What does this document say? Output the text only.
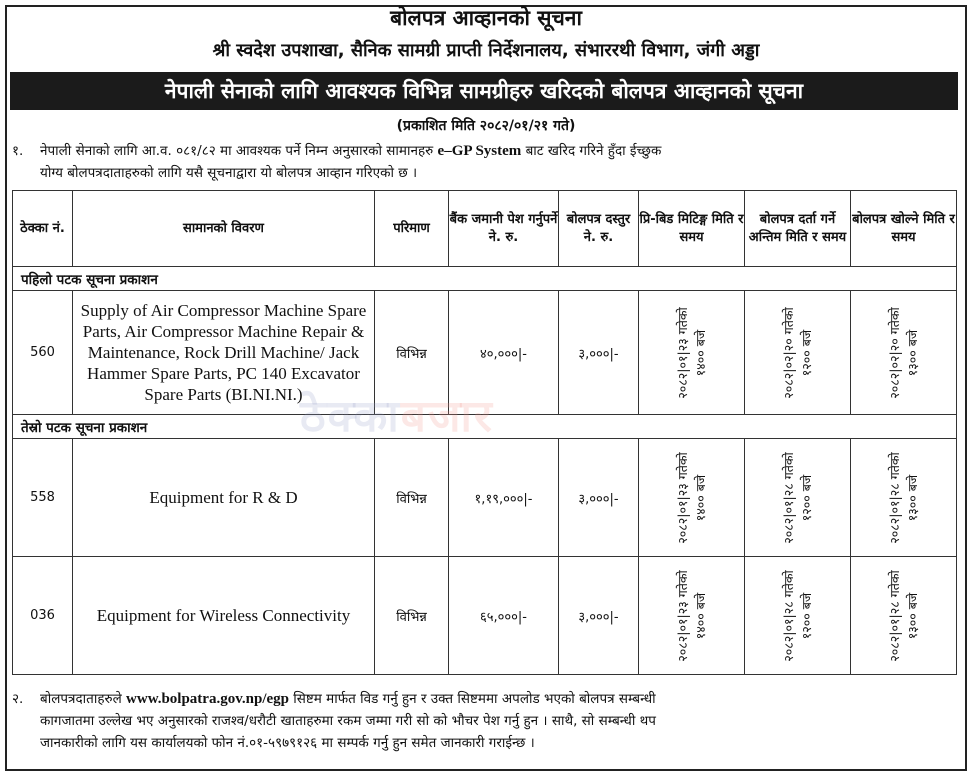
बोलपत्र आव्हानको सूचना
श्री स्वदेश उपशाखा, सैनिक सामग्री प्राप्ती निर्देशनालय, संभाररथी विभाग, जंगी अड्डा
नेपाली सेनाको लागि आवश्यक विभिन्न सामग्रीहरु खरिदको बोलपत्र आव्हानको सूचना
(प्रकाशित मिति २०८२/०१/२१ गते)
१. नेपाली सेनाको लागि आ.व. ०८१/८२ मा आवश्यक पर्ने निम्न अनुसारको सामानहरु e–GP System बाट खरिद गरिने हुँदा ईच्छुक
योग्य बोलपत्रदाताहरुको लागि यसै सूचनाद्वारा यो बोलपत्र आव्हान गरिएको छ ।
ठेक्का नं.	सामानको विवरण	परिमाण	बैंक जमानी पेश गर्नुपर्ने ने. रु.	बोलपत्र दस्तुर ने. रु.	प्रि-बिड मिटिङ्ग मिति र समय	बोलपत्र दर्ता गर्ने अन्तिम मिति र समय	बोलपत्र खोल्ने मिति र समय
पहिलो पटक सूचना प्रकाशन							
560	Supply of Air Compressor Machine Spare Parts, Air Compressor Machine Repair & Maintenance, Rock Drill Machine/ Jack Hammer Spare Parts, PC 140 Excavator Spare Parts (BI.NI.NI.)	विभिन्न	४०,०००|-	३,०००|-	२०८२|०१|२३ गतेको १४०० बजे	२०८२|०२|२० गतेको १२०० बजे	२०८२|०२|२० गतेको १३०० बजे

तेस्रो पटक सूचना प्रकाशन							
558	Equipment for R & D	विभिन्न	१,१९,०००|-	३,०००|-	२०८२|०१|२३ गतेको १४०० बजे	२०८२|०१|२८ गतेको १२०० बजे	२०८२|०१|२८ गतेको १३०० बजे

036	Equipment for Wireless Connectivity	विभिन्न	६५,०००|-	३,०००|-	२०८२|०१|२३ गतेको १४०० बजे	२०८२|०१|२८ गतेको १२०० बजे	२०८२|०१|२८ गतेको १३०० बजे
ठेक्काबजार
२. बोलपत्रदाताहरुले www.bolpatra.gov.np/egp सिष्टम मार्फत विड गर्नु हुन र उक्त सिष्टममा अपलोड भएको बोलपत्र सम्बन्धी
कागजातमा उल्लेख भए अनुसारको राजश्व/धरौटी खाताहरुमा रकम जम्मा गरी सो को भौचर पेश गर्नु हुन । साथै, सो सम्बन्धी थप
जानकारीको लागि यस कार्यालयको फोन नं.०१-५९७९१२६ मा सम्पर्क गर्नु हुन समेत जानकारी गराईन्छ ।
